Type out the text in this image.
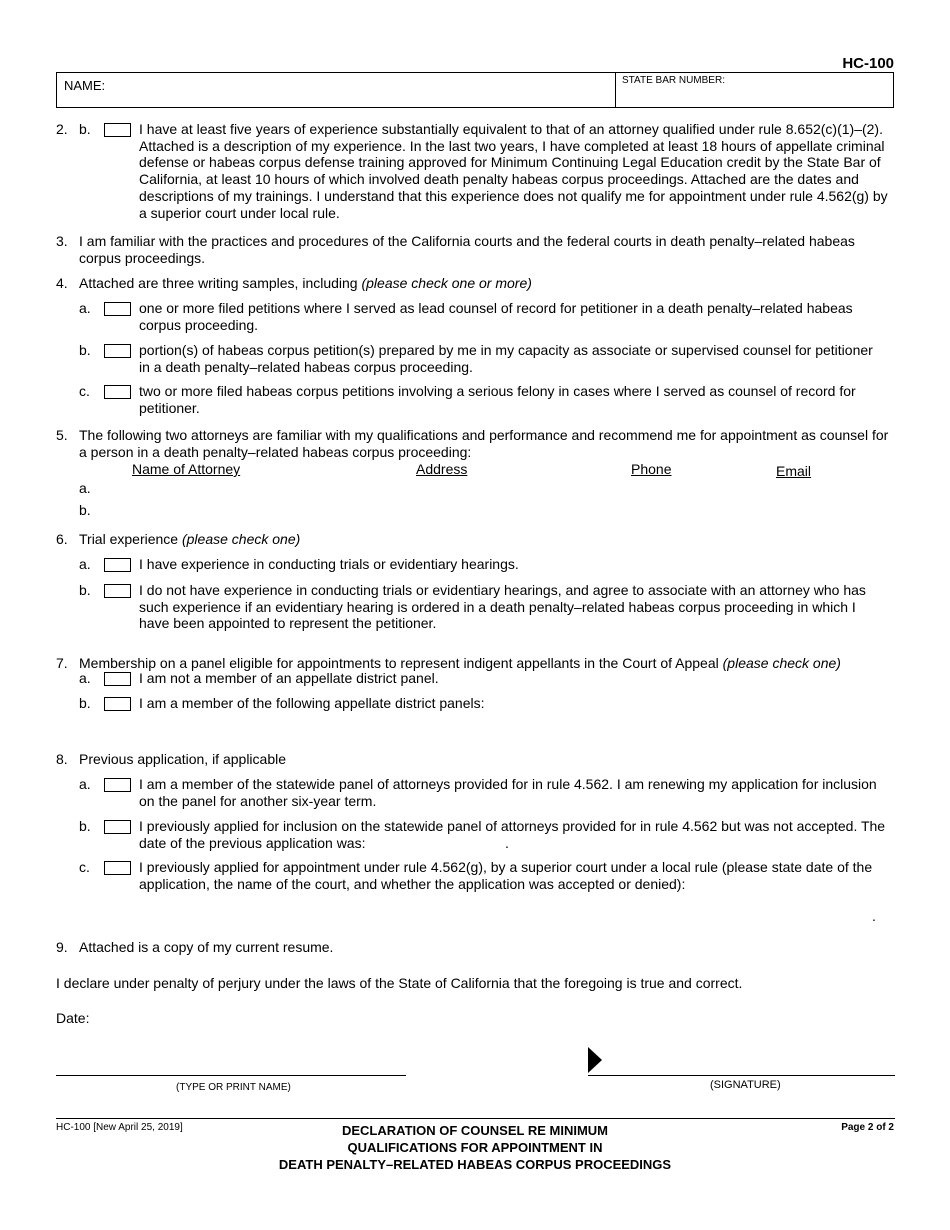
HC-100
NAME:	STATE BAR NUMBER:
2. b.	I have at least five years of experience substantially equivalent to that of an attorney qualified under rule 8.652(c)(1)–(2). Attached is a description of my experience. In the last two years, I have completed at least 18 hours of appellate criminal defense or habeas corpus defense training approved for Minimum Continuing Legal Education credit by the State Bar of California, at least 10 hours of which involved death penalty habeas corpus proceedings. Attached are the dates and descriptions of my trainings. I understand that this experience does not qualify me for appointment under rule 4.562(g) by a superior court under local rule.
3. I am familiar with the practices and procedures of the California courts and the federal courts in death penalty–related habeas corpus proceedings.
4. Attached are three writing samples, including (please check one or more)
a.	one or more filed petitions where I served as lead counsel of record for petitioner in a death penalty–related habeas corpus proceeding.
b.	portion(s) of habeas corpus petition(s) prepared by me in my capacity as associate or supervised counsel for petitioner in a death penalty–related habeas corpus proceeding.
c.	two or more filed habeas corpus petitions involving a serious felony in cases where I served as counsel of record for petitioner.
5. The following two attorneys are familiar with my qualifications and performance and recommend me for appointment as counsel for a person in a death penalty–related habeas corpus proceeding:
Name of Attorney	Address	Phone	Email
a.
b.
6. Trial experience (please check one)
a.	I have experience in conducting trials or evidentiary hearings.
b.	I do not have experience in conducting trials or evidentiary hearings, and agree to associate with an attorney who has such experience if an evidentiary hearing is ordered in a death penalty–related habeas corpus proceeding in which I have been appointed to represent the petitioner.
7. Membership on a panel eligible for appointments to represent indigent appellants in the Court of Appeal (please check one)
a.	I am not a member of an appellate district panel.
b.	I am a member of the following appellate district panels:
8. Previous application, if applicable
a.	I am a member of the statewide panel of attorneys provided for in rule 4.562. I am renewing my application for inclusion on the panel for another six-year term.
b.	I previously applied for inclusion on the statewide panel of attorneys provided for in rule 4.562 but was not accepted. The date of the previous application was:	.
c.	I previously applied for appointment under rule 4.562(g), by a superior court under a local rule (please state date of the application, the name of the court, and whether the application was accepted or denied):
.
9. Attached is a copy of my current resume.
I declare under penalty of perjury under the laws of the State of California that the foregoing is true and correct.
Date:
(TYPE OR PRINT NAME)	(SIGNATURE)
HC-100 [New April 25, 2019]	DECLARATION OF COUNSEL RE MINIMUM
QUALIFICATIONS FOR APPOINTMENT IN
DEATH PENALTY–RELATED HABEAS CORPUS PROCEEDINGS
Page 2 of 2
